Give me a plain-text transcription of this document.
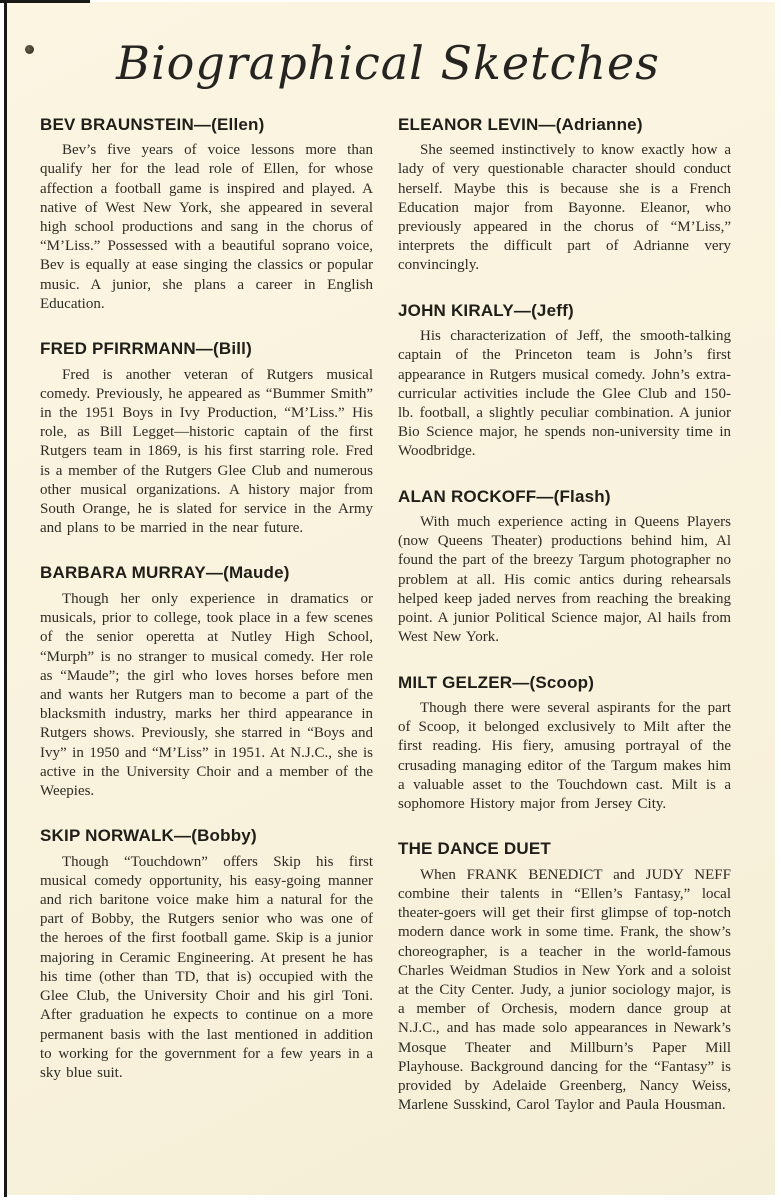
Biographical Sketches
BEV BRAUNSTEIN—(Ellen)

Bev’s five years of voice lessons more than qualify her for the lead role of Ellen, for whose affection a football game is inspired and played. A native of West New York, she appeared in several high school productions and sang in the chorus of “M’Liss.” Possessed with a beautiful soprano voice, Bev is equally at ease singing the classics or popular music. A junior, she plans a career in English Education.

FRED PFIRRMANN—(Bill)

Fred is another veteran of Rutgers musical comedy. Previously, he appeared as “Bummer Smith” in the 1951 Boys in Ivy Production, “M’Liss.” His role, as Bill Legget—historic captain of the first Rutgers team in 1869, is his first starring role. Fred is a member of the Rutgers Glee Club and numerous other musical organizations. A history major from South Orange, he is slated for service in the Army and plans to be married in the near future.

BARBARA MURRAY—(Maude)

Though her only experience in dramatics or musicals, prior to college, took place in a few scenes of the senior operetta at Nutley High School, “Murph” is no stranger to musical comedy. Her role as “Maude”; the girl who loves horses before men and wants her Rutgers man to become a part of the blacksmith industry, marks her third appearance in Rutgers shows. Previously, she starred in “Boys and Ivy” in 1950 and “M’Liss” in 1951. At N.J.C., she is active in the University Choir and a member of the Weepies.

SKIP NORWALK—(Bobby)

Though “Touchdown” offers Skip his first musical comedy opportunity, his easy-going manner and rich baritone voice make him a natural for the part of Bobby, the Rutgers senior who was one of the heroes of the first football game. Skip is a junior majoring in Ceramic Engineering. At present he has his time (other than TD, that is) occupied with the Glee Club, the University Choir and his girl Toni. After graduation he expects to continue on a more permanent basis with the last mentioned in addition to working for the government for a few years in a sky blue suit.

ELEANOR LEVIN—(Adrianne)

She seemed instinctively to know exactly how a lady of very questionable character should conduct herself. Maybe this is because she is a French Education major from Bayonne. Eleanor, who previously appeared in the chorus of “M’Liss,” interprets the difficult part of Adrianne very convincingly.

JOHN KIRALY—(Jeff)

His characterization of Jeff, the smooth-talking captain of the Princeton team is John’s first appearance in Rutgers musical comedy. John’s extra-curricular activities include the Glee Club and 150-lb. football, a slightly peculiar combination. A junior Bio Science major, he spends non-university time in Woodbridge.

ALAN ROCKOFF—(Flash)

With much experience acting in Queens Players (now Queens Theater) productions behind him, Al found the part of the breezy Targum photographer no problem at all. His comic antics during rehearsals helped keep jaded nerves from reaching the breaking point. A junior Political Science major, Al hails from West New York.

MILT GELZER—(Scoop)

Though there were several aspirants for the part of Scoop, it belonged exclusively to Milt after the first reading. His fiery, amusing portrayal of the crusading managing editor of the Targum makes him a valuable asset to the Touchdown cast. Milt is a sophomore History major from Jersey City.

THE DANCE DUET

When FRANK BENEDICT and JUDY NEFF combine their talents in “Ellen’s Fantasy,” local theater-goers will get their first glimpse of top-notch modern dance work in some time. Frank, the show’s choreographer, is a teacher in the world-famous Charles Weidman Studios in New York and a soloist at the City Center. Judy, a junior sociology major, is a member of Orchesis, modern dance group at N.J.C., and has made solo appearances in Newark’s Mosque Theater and Millburn’s Paper Mill Playhouse. Background dancing for the “Fantasy” is provided by Adelaide Greenberg, Nancy Weiss, Marlene Susskind, Carol Taylor and Paula Housman.
